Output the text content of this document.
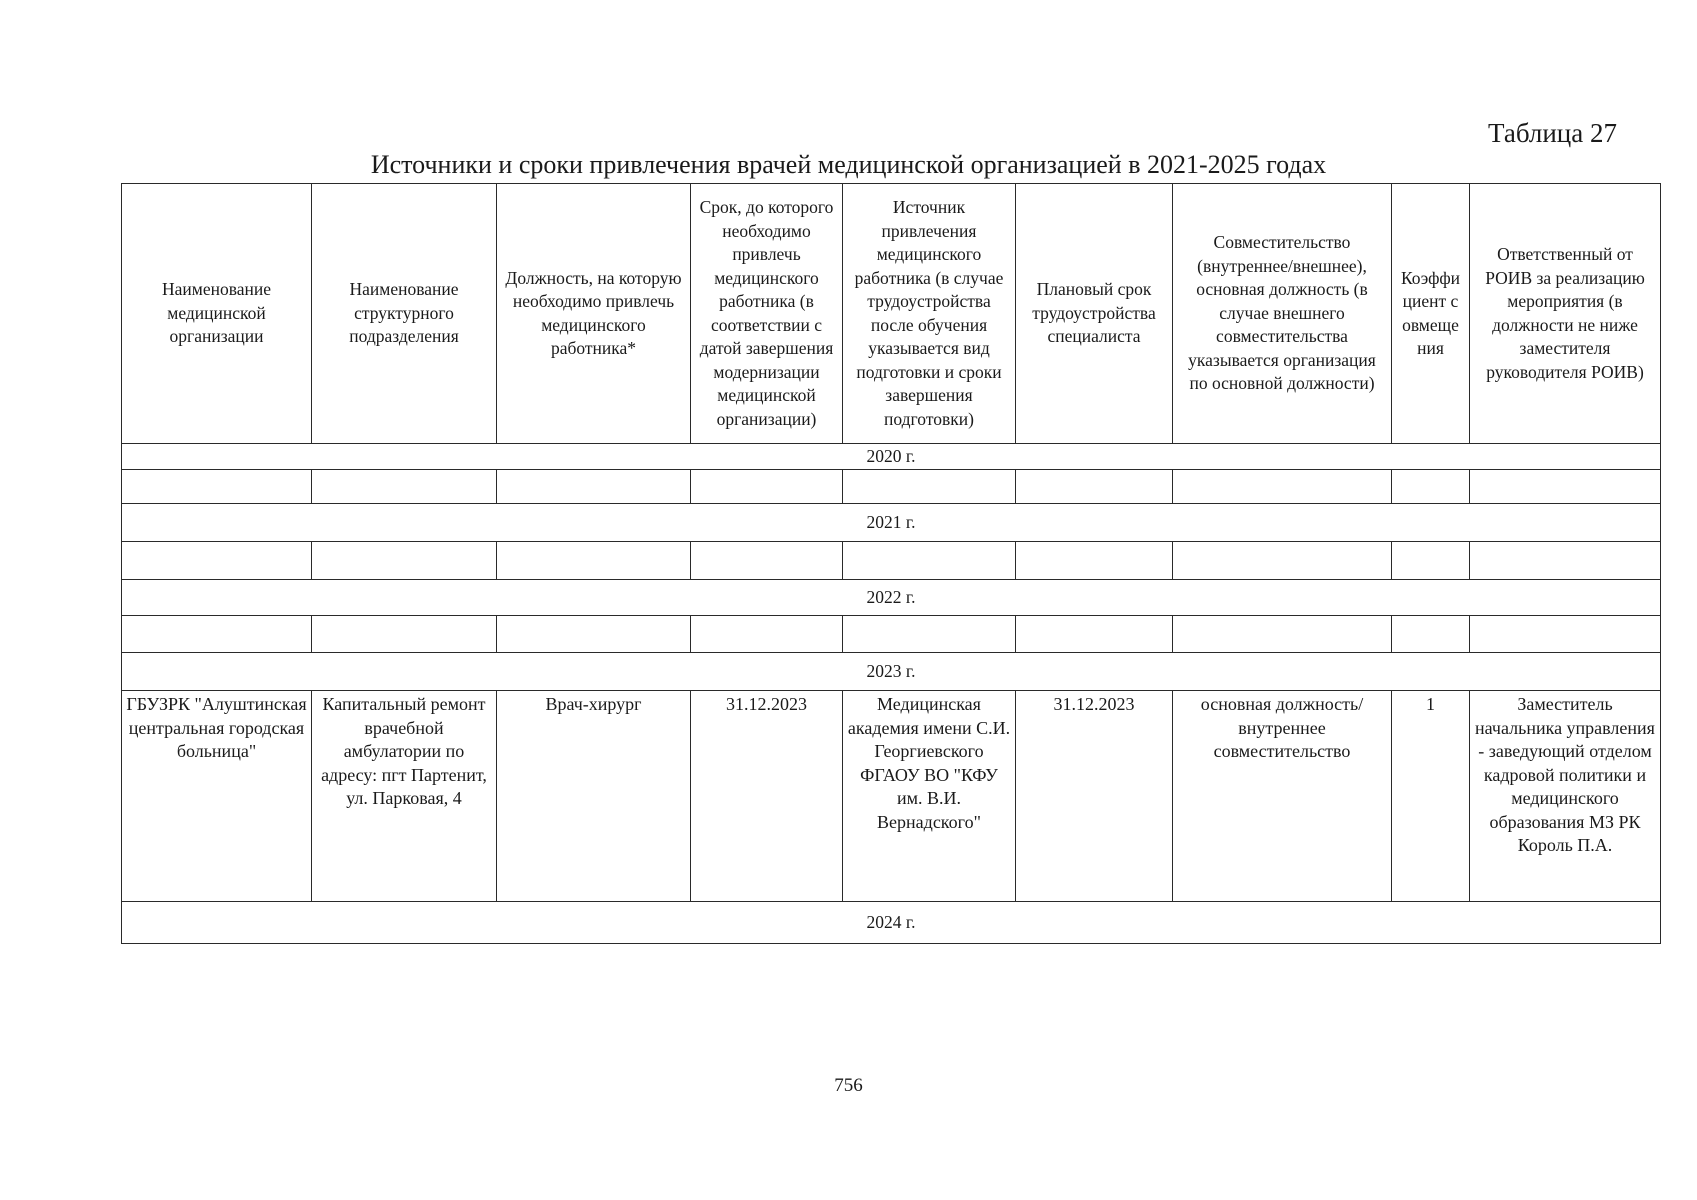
Таблица 27
Источники и сроки привлечения врачей медицинской организацией в 2021-2025 годах
Наименование медицинской организации	Наименование структурного подразделения	Должность, на которую необходимо привлечь медицинского работника*	Срок, до которого необходимо привлечь медицинского работника (в соответствии с датой завершения модернизации медицинской организации)	Источник привлечения медицинского работника (в случае трудоустройства после обучения указывается вид подготовки и сроки завершения подготовки)	Плановый срок трудоустройства специалиста	Совместительство (внутреннее/внешнее), основная должность (в случае внешнего совместительства указывается организация по основной должности)	Коэффициент совмещения	Ответственный от РОИВ за реализацию мероприятия (в должности не ниже заместителя руководителя РОИВ)
2020 г.								

2021 г.								

2022 г.								

2023 г.								
ГБУЗРК "Алуштинская центральная городская больница"	Капитальный ремонт врачебной амбулатории по адресу: пгт Партенит, ул. Парковая, 4	Врач-хирург	31.12.2023	Медицинская академия имени С.И. Георгиевского ФГАОУ ВО "КФУ им. В.И. Вернадского"	31.12.2023	основная должность/ внутреннее совместительство	1	Заместитель начальника управления - заведующий отделом кадровой политики и медицинского образования МЗ РК Король П.А.
2024 г.								
756
